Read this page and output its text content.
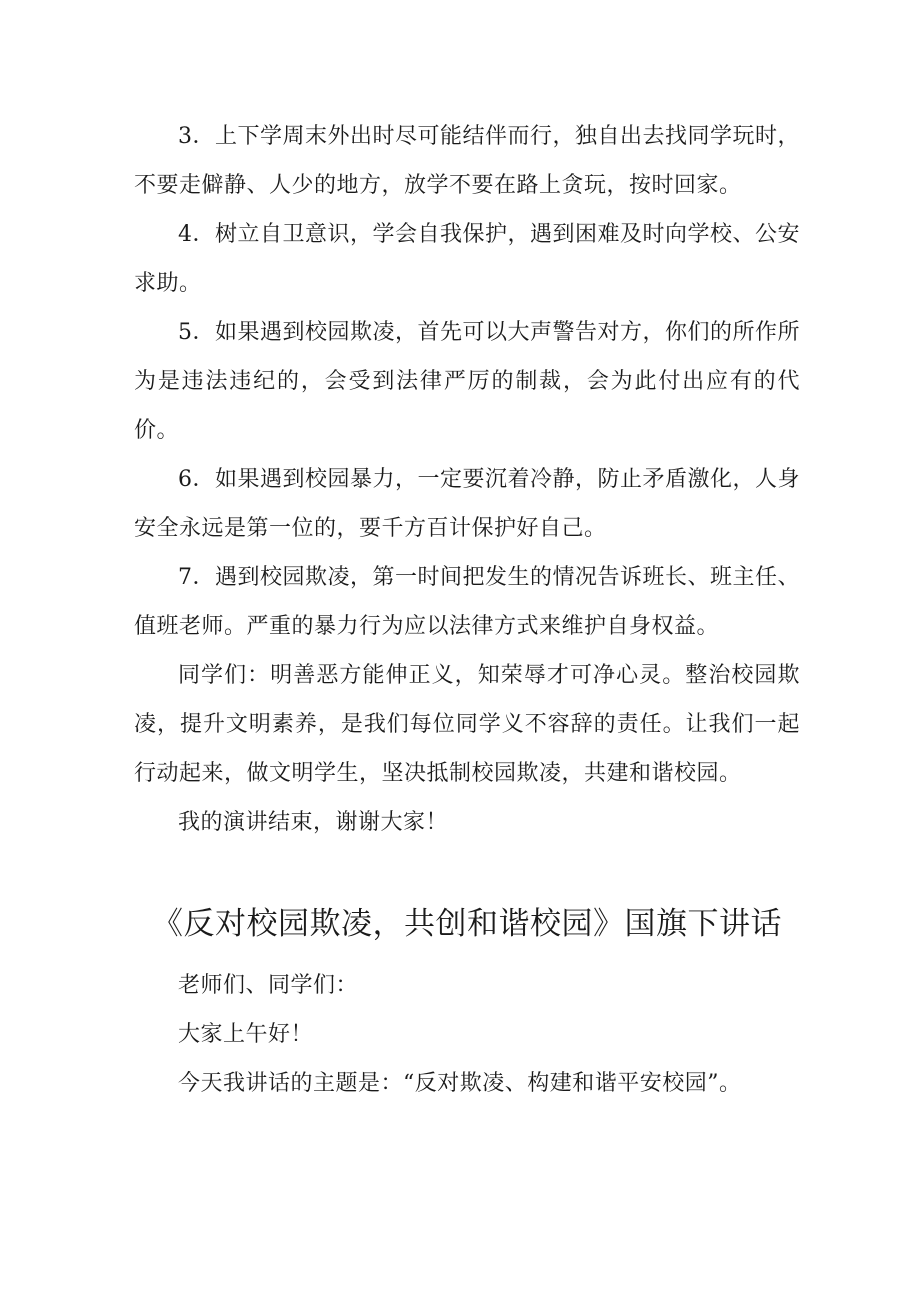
3．上下学周末外出时尽可能结伴而行，独自出去找同学玩时，不要走僻静、人少的地方，放学不要在路上贪玩，按时回家。

4．树立自卫意识，学会自我保护，遇到困难及时向学校、公安求助。

5．如果遇到校园欺凌，首先可以大声警告对方，你们的所作所为是违法违纪的，会受到法律严厉的制裁，会为此付出应有的代价。

6．如果遇到校园暴力，一定要沉着冷静，防止矛盾激化，人身安全永远是第一位的，要千方百计保护好自己。

7．遇到校园欺凌，第一时间把发生的情况告诉班长、班主任、值班老师。严重的暴力行为应以法律方式来维护自身权益。

同学们：明善恶方能伸正义，知荣辱才可净心灵。整治校园欺凌，提升文明素养，是我们每位同学义不容辞的责任。让我们一起行动起来，做文明学生，坚决抵制校园欺凌，共建和谐校园。

我的演讲结束，谢谢大家！

《反对校园欺凌，共创和谐校园》国旗下讲话

老师们、同学们：

大家上午好！

今天我讲话的主题是：“反对欺凌、构建和谐平安校园”。
